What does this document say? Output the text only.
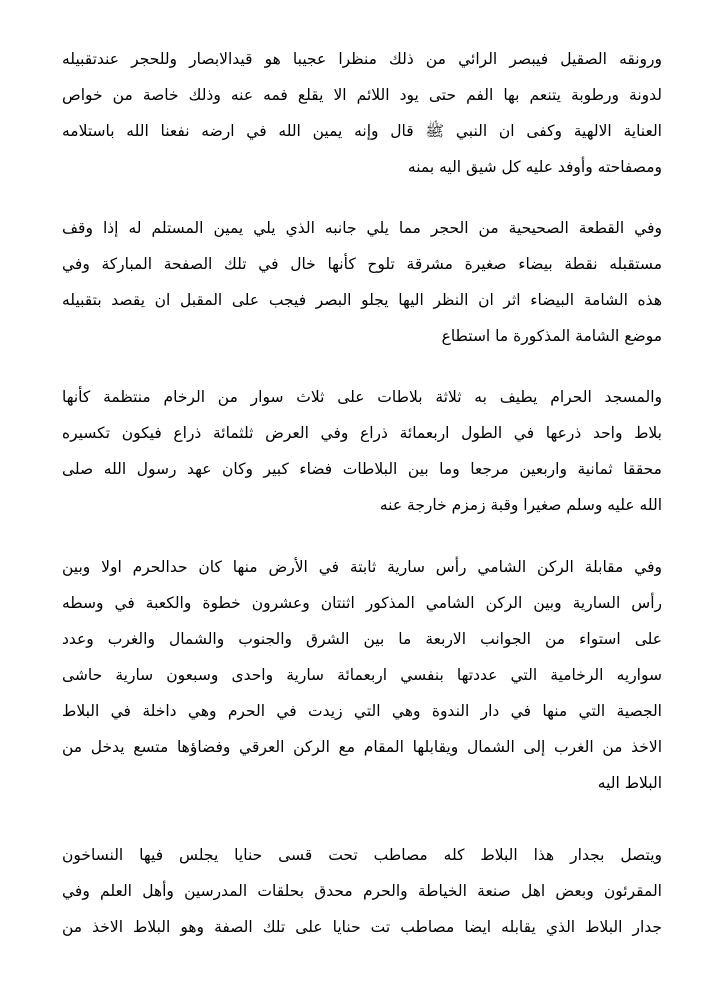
ورونقه الصقيل فيبصر الرائي من ذلك منظرا عجيبا هو قيدالابصار وللحجر عندتقبيله
لدونة ورطوبة يتنعم بها الفم حتى يود اللائم الا يقلع فمه عنه وذلك خاصة من خواص
العناية الالهية وكفى ان النبي ﷺ قال وإنه يمين الله في ارضه نفعنا الله باستلامه
ومصفاحته وأوفد عليه كل شيق اليه بمنه
وفي القطعة الصحيحية من الحجر مما يلي جانبه الذي يلي يمين المستلم له إذا وقف
مستقبله نقطة بيضاء صغيرة مشرقة تلوح كأنها خال في تلك الصفحة المباركة وفي
هذه الشامة البيضاء اثر ان النظر اليها يجلو البصر فيجب على المقبل ان يقصد بتقبيله
موضع الشامة المذكورة ما استطاع
والمسجد الحرام يطيف به ثلاثة بلاطات على ثلاث سوار من الرخام منتظمة كأنها
بلاط واحد ذرعها في الطول اربعمائة ذراع وفي العرض ثلثمائة ذراع فيكون تكسيره
محققا ثمانية واربعين مرجعا وما بين البلاطات فضاء كبير وكان عهد رسول الله صلى
الله عليه وسلم صغيرا وقبة زمزم خارجة عنه
وفي مقابلة الركن الشامي رأس سارية ثابتة في الأرض منها كان حدالحرم اولا وبين
رأس السارية وبين الركن الشامي المذكور اثنتان وعشرون خطوة والكعبة في وسطه
على استواء من الجوانب الاربعة ما بين الشرق والجنوب والشمال والغرب وعدد
سواريه الرخامية التي عددتها بنفسي اربعمائة سارية واحدى وسبعون سارية حاشى
الجصية التي منها في دار الندوة وهي التي زيدت في الحرم وهي داخلة في البلاط
الاخذ من الغرب إلى الشمال ويقابلها المقام مع الركن العرقي وفضاؤها متسع يدخل من
البلاط اليه
ويتصل بجدار هذا البلاط كله مصاطب تحت قسى حنايا يجلس فيها النساخون
المقرئون وبعض اهل صنعة الخياطة والحرم محدق بحلقات المدرسين وأهل العلم وفي
جدار البلاط الذي يقابله ايضا مصاطب تت حنايا على تلك الصفة وهو البلاط الاخذ من
